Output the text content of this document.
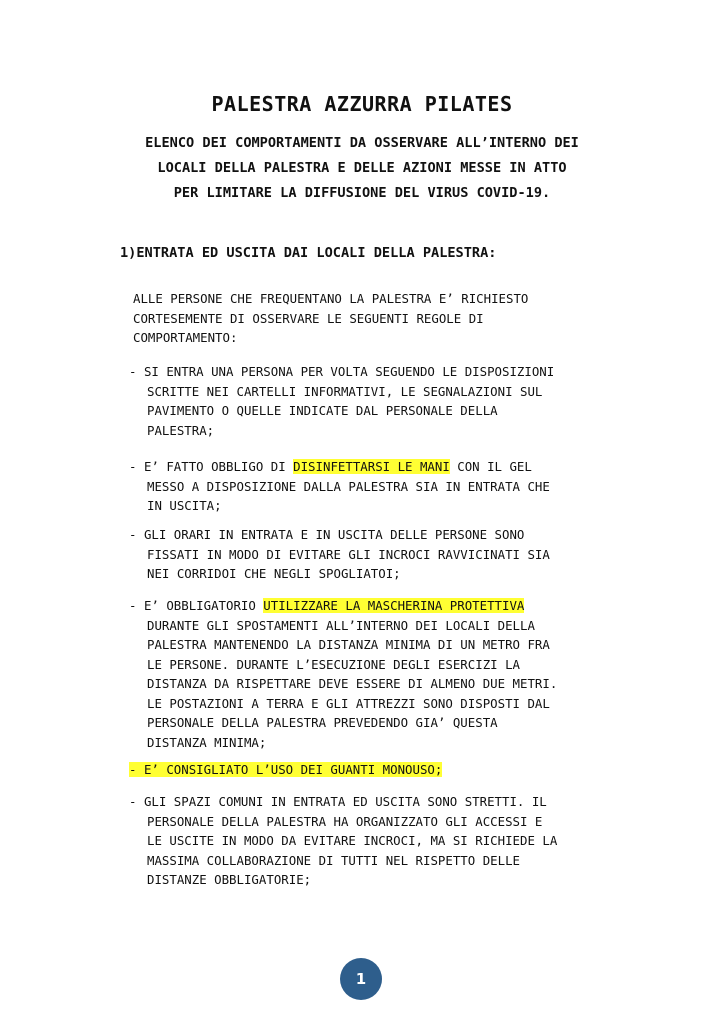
PALESTRA AZZURRA PILATES
ELENCO DEI COMPORTAMENTI DA OSSERVARE ALL’INTERNO DEI
LOCALI DELLA PALESTRA E DELLE AZIONI MESSE IN ATTO
PER LIMITARE LA DIFFUSIONE DEL VIRUS COVID-19.
1)ENTRATA ED USCITA DAI LOCALI DELLA PALESTRA:
ALLE PERSONE CHE FREQUENTANO LA PALESTRA E’ RICHIESTO
CORTESEMENTE DI OSSERVARE LE SEGUENTI REGOLE DI
COMPORTAMENTO:
- SI ENTRA UNA PERSONA PER VOLTA SEGUENDO LE DISPOSIZIONI
SCRITTE NEI CARTELLI INFORMATIVI, LE SEGNALAZIONI SUL
PAVIMENTO O QUELLE INDICATE DAL PERSONALE DELLA
PALESTRA;
- E’ FATTO OBBLIGO DI DISINFETTARSI LE MANI CON IL GEL
MESSO A DISPOSIZIONE DALLA PALESTRA SIA IN ENTRATA CHE
IN USCITA;
- GLI ORARI IN ENTRATA E IN USCITA DELLE PERSONE SONO
FISSATI IN MODO DI EVITARE GLI INCROCI RAVVICINATI SIA
NEI CORRIDOI CHE NEGLI SPOGLIATOI;
- E’ OBBLIGATORIO UTILIZZARE LA MASCHERINA PROTETTIVA
DURANTE GLI SPOSTAMENTI ALL’INTERNO DEI LOCALI DELLA
PALESTRA MANTENENDO LA DISTANZA MINIMA DI UN METRO FRA
LE PERSONE. DURANTE L’ESECUZIONE DEGLI ESERCIZI LA
DISTANZA DA RISPETTARE DEVE ESSERE DI ALMENO DUE METRI.
LE POSTAZIONI A TERRA E GLI ATTREZZI SONO DISPOSTI DAL
PERSONALE DELLA PALESTRA PREVEDENDO GIA’ QUESTA
DISTANZA MINIMA;
- E’ CONSIGLIATO L’USO DEI GUANTI MONOUSO;
- GLI SPAZI COMUNI IN ENTRATA ED USCITA SONO STRETTI. IL
PERSONALE DELLA PALESTRA HA ORGANIZZATO GLI ACCESSI E
LE USCITE IN MODO DA EVITARE INCROCI, MA SI RICHIEDE LA
MASSIMA COLLABORAZIONE DI TUTTI NEL RISPETTO DELLE
DISTANZE OBBLIGATORIE;
1
